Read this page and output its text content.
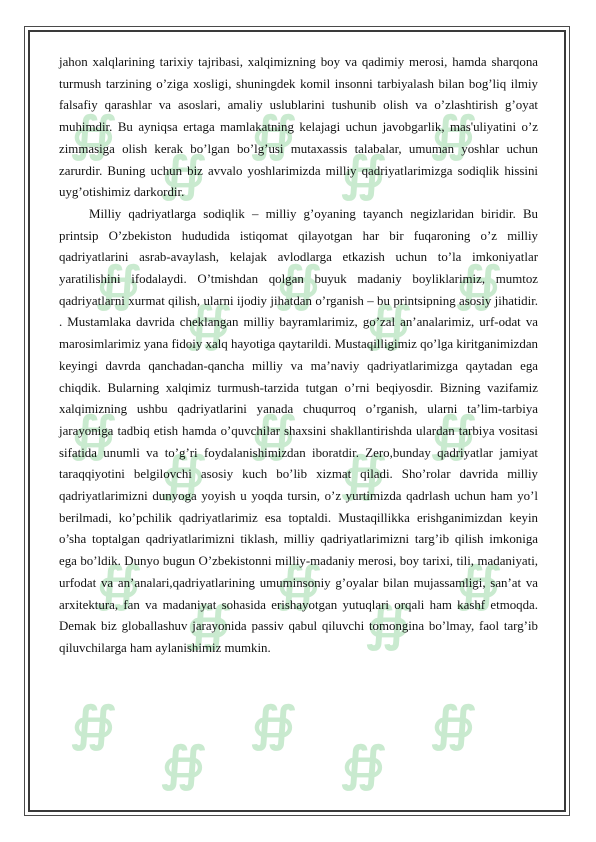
∯
∯
∯
∯
∯
∯
∯
∯
∯
∯
∯
∯
∯
∯
∯
∯
∯
∯
∯
∯
∯
∯
∯
∯
∯

jahon xalqlarining tarixiy tajribasi, xalqimizning boy va qadimiy merosi, hamda sharqona turmush tarzining o’ziga xosligi, shuningdek komil insonni tarbiyalash bilan bog’liq ilmiy falsafiy qarashlar va asoslari, amaliy uslublarini tushunib olish va o’zlashtirish g’oyat muhimdir. Bu ayniqsa ertaga mamlakatning kelajagi uchun javobgarlik, mas'uliyatini o’z zimmasiga olish kerak bo’lgan bo’lg’usi mutaxassis talabalar, umuman yoshlar uchun zarurdir. Buning uchun biz avvalo yoshlarimizda milliy qadriyatlarimizga sodiqlik hissini uyg’otishimiz darkordir.

Milliy qadriyatlarga sodiqlik – milliy g’oyaning tayanch negizlaridan biridir. Bu printsip O’zbekiston hududida istiqomat qilayotgan har bir fuqaroning o’z milliy qadriyatlarini asrab-avaylash, kelajak avlodlarga etkazish uchun to’la imkoniyatlar yaratilishini ifodalaydi. O’tmishdan qolgan buyuk madaniy boyliklarimiz, mumtoz qadriyatlarni xurmat qilish, ularni ijodiy jihatdan o’rganish – bu printsipning asosiy jihatidir. . Mustamlaka davrida cheklangan milliy bayramlarimiz, go’zal an’analarimiz, urf-odat va marosimlarimiz yana fidoiy xalq hayotiga qaytarildi. Mustaqilligimiz qo’lga kiritganimizdan keyingi davrda qanchadan-qancha milliy va ma’naviy qadriyatlarimizga qaytadan ega chiqdik. Bularning xalqimiz turmush-tarzida tutgan o’rni beqiyosdir. Bizning vazifamiz xalqimizning ushbu qadriyatlarini yanada chuqurroq o’rganish, ularni ta’lim-tarbiya jarayoniga tadbiq etish hamda o’quvchilar shaxsini shakllantirishda ulardan tarbiya vositasi sifatida unumli va to’g’ri foydalanishimizdan iboratdir. Zero,bunday qadriyatlar jamiyat taraqqiyotini belgilovchi asosiy kuch bo’lib xizmat qiladi. Sho’rolar davrida milliy qadriyatlarimizni dunyoga yoyish u yoqda tursin, o’z yurtimizda qadrlash uchun ham yo’l berilmadi, ko’pchilik qadriyatlarimiz esa toptaldi. Mustaqillikka erishganimizdan keyin o’sha toptalgan qadriyatlarimizni tiklash, milliy qadriyatlarimizni targ’ib qilish imkoniga ega bo’ldik. Dunyo bugun O’zbekistonni milliy-madaniy merosi, boy tarixi, tili, madaniyati, urfodat va an’analari,qadriyatlarining umuminsoniy g’oyalar bilan mujassamligi, san’at va arxitektura, fan va madaniyat sohasida erishayotgan yutuqlari orqali ham kashf etmoqda. Demak biz globallashuv jarayonida passiv qabul qiluvchi tomongina bo’lmay, faol targ’ib qiluvchilarga ham aylanishimiz mumkin.
